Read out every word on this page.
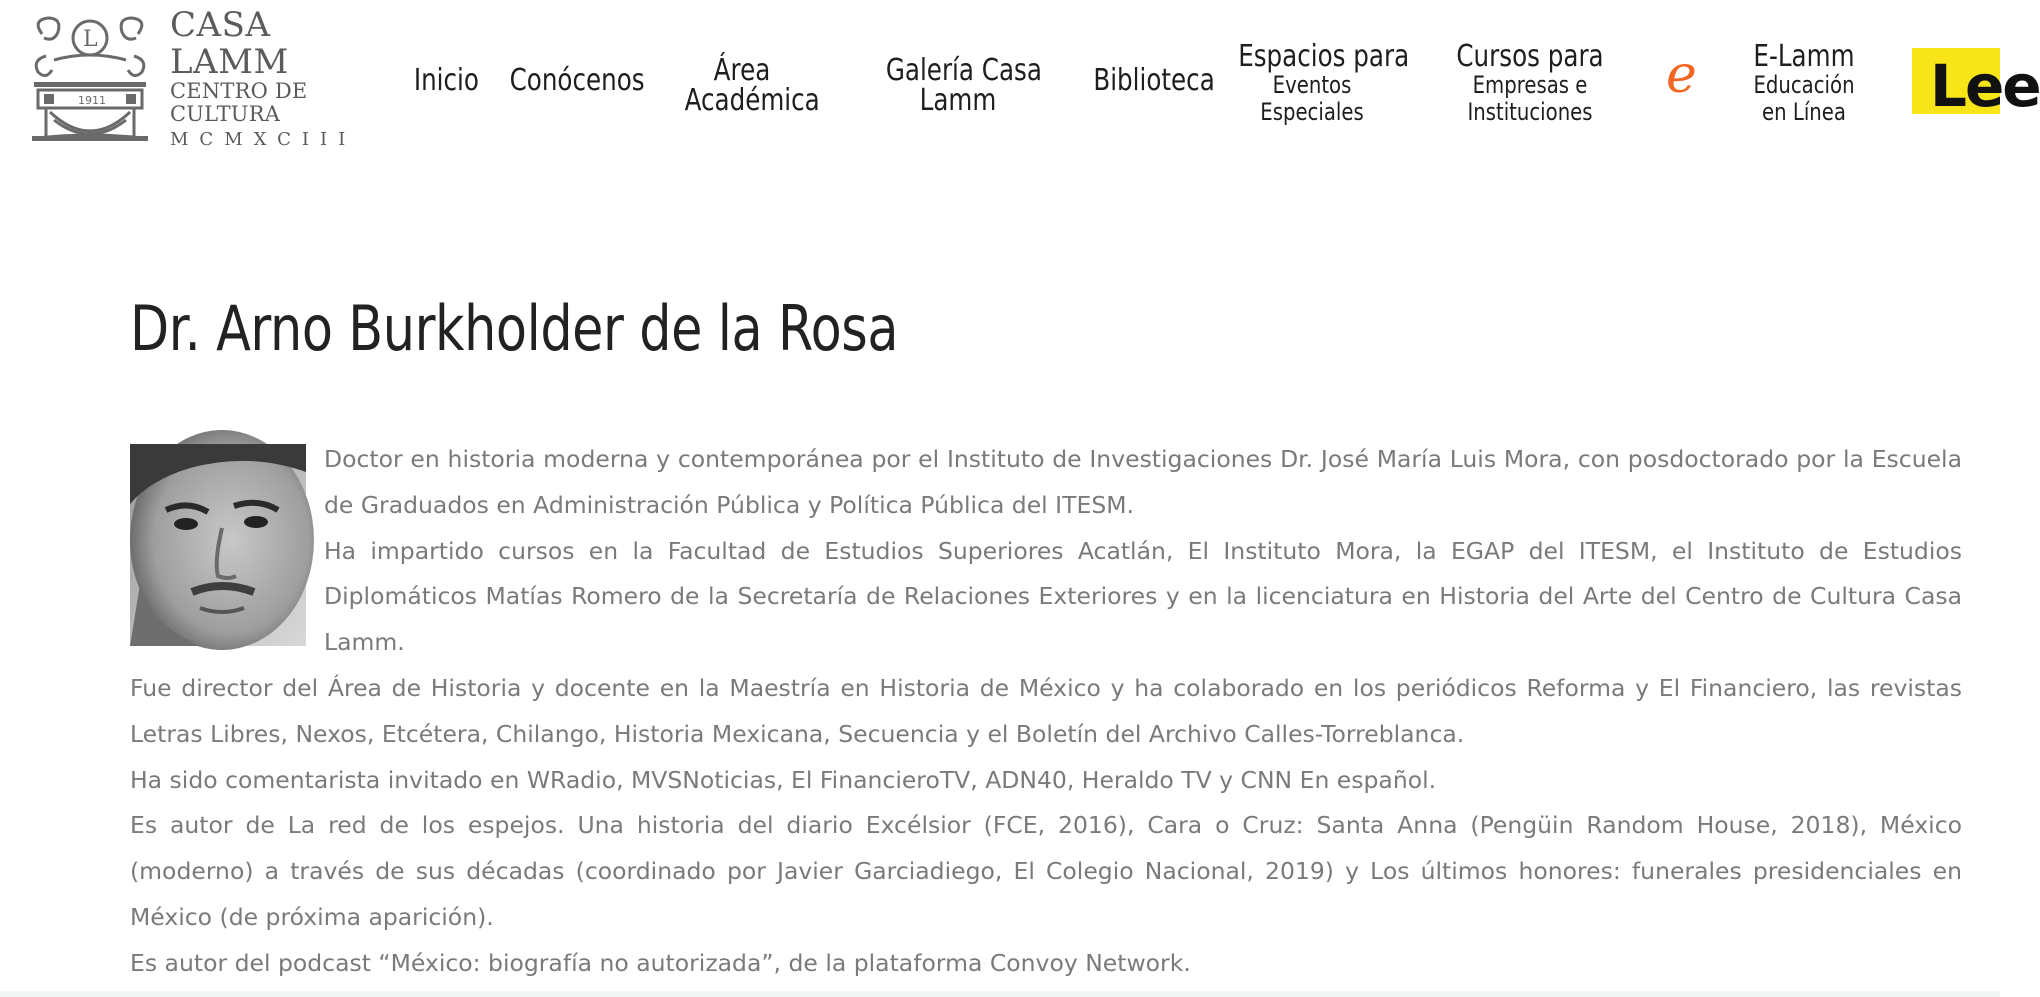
L
1911
CASA LAMM
CENTRO DE CULTURA
MCMXCIII
Inicio Conócenos	Área
Académica
Galería Casa
Lamm
Biblioteca
Espacios para
Eventos Especiales
Cursos para
Empresas e Instituciones
e	E-Lamm
Educación en Línea Lee
Dr. Arno Burkholder de la Rosa

Doctor en historia moderna y contemporánea por el Instituto de Investigaciones Dr. José María Luis Mora, con posdoctorado por la Escuela de Graduados en Administración Pública y Política Pública del ITESM.

Ha impartido cursos en la Facultad de Estudios Superiores Acatlán, El Instituto Mora, la EGAP del ITESM, el Instituto de Estudios Diplomáticos Matías Romero de la Secretaría de Relaciones Exteriores y en la licenciatura en Historia del Arte del Centro de Cultura Casa Lamm.

Fue director del Área de Historia y docente en la Maestría en Historia de México y ha colaborado en los periódicos Reforma y El Financiero, las revistas Letras Libres, Nexos, Etcétera, Chilango, Historia Mexicana, Secuencia y el Boletín del Archivo Calles-Torreblanca.

Ha sido comentarista invitado en WRadio, MVSNoticias, El FinancieroTV, ADN40, Heraldo TV y CNN En español.

Es autor de La red de los espejos. Una historia del diario Excélsior (FCE, 2016), Cara o Cruz: Santa Anna (Pengüin Random House, 2018), México (moderno) a través de sus décadas (coordinado por Javier Garciadiego, El Colegio Nacional, 2019) y Los últimos honores: funerales presidenciales en México (de próxima aparición).

Es autor del podcast “México: biografía no autorizada”, de la plataforma Convoy Network.
